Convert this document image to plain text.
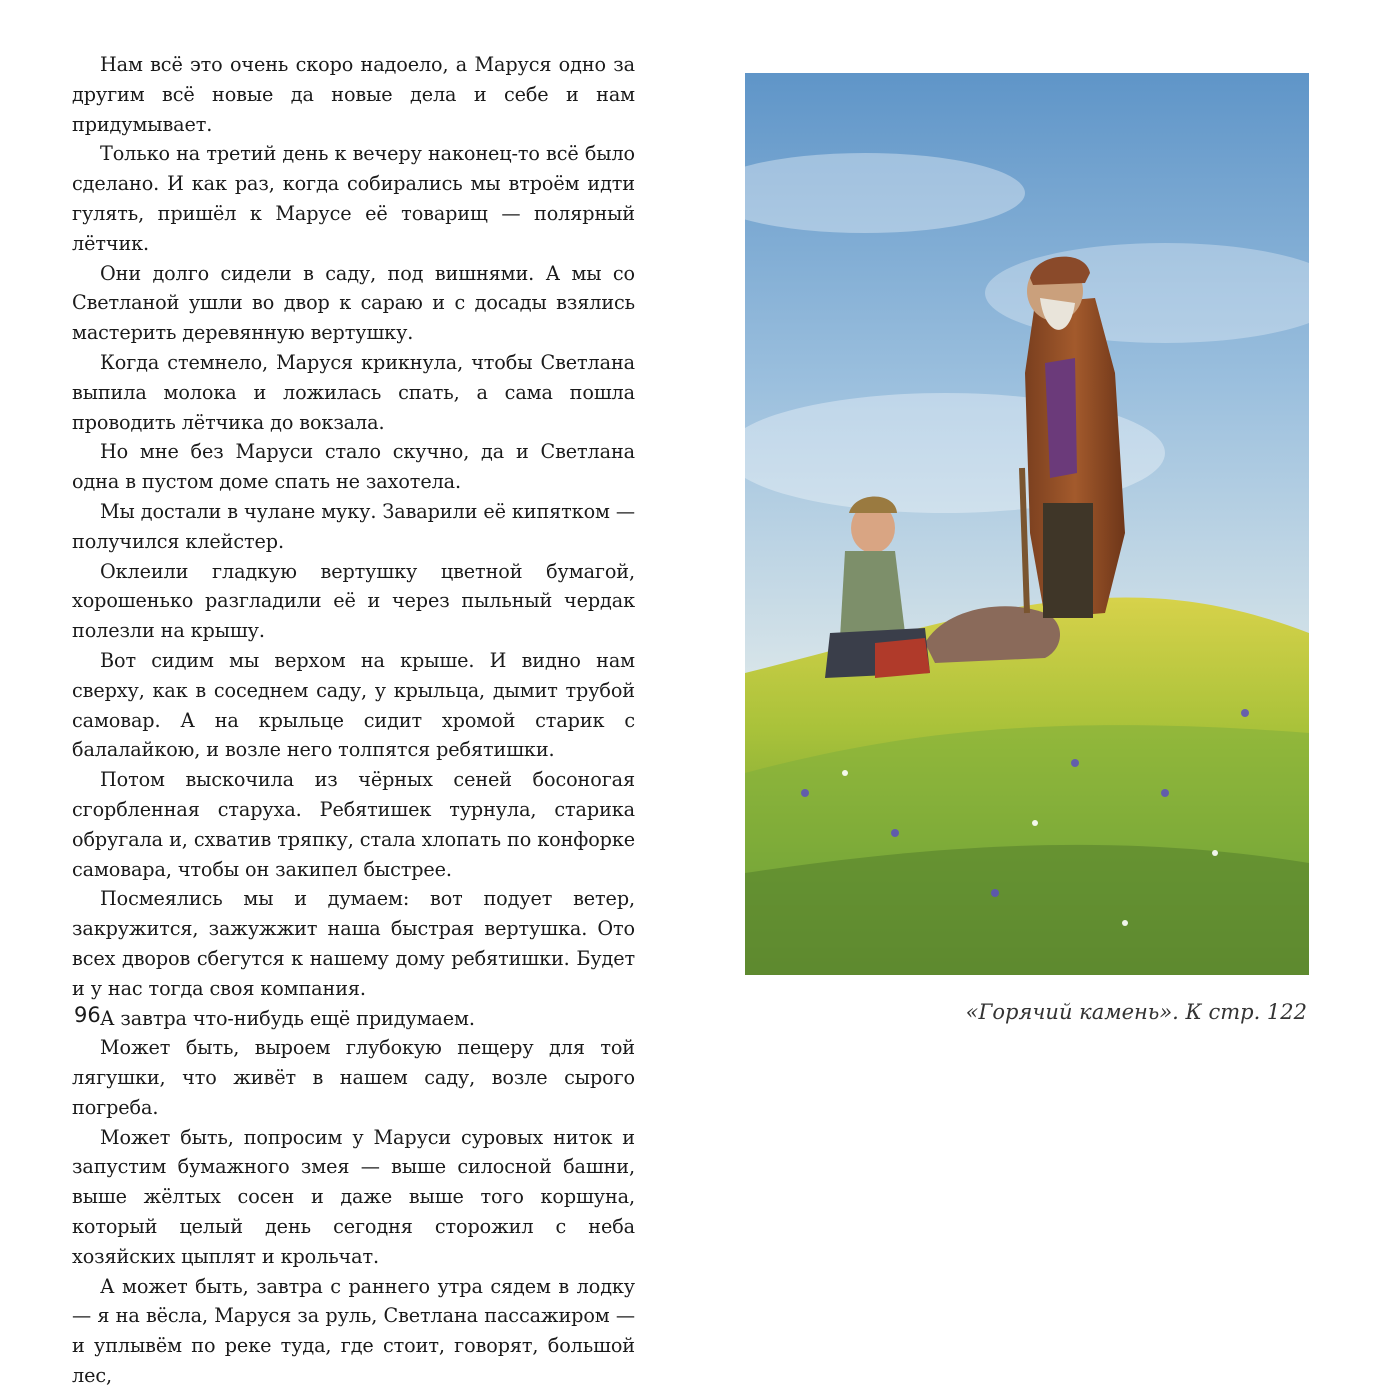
Нам всё это очень скоро надоело, а Маруся одно за другим всё новые да новые дела и себе и нам придумывает.

Только на третий день к вечеру наконец-то всё было сделано. И как раз, когда собирались мы втроём идти гулять, пришёл к Марусе её товарищ — полярный лётчик.

Они долго сидели в саду, под вишнями. А мы со Светланой ушли во двор к сараю и с досады взялись мастерить деревянную вертушку.

Когда стемнело, Маруся крикнула, чтобы Светлана выпила молока и ложилась спать, а сама пошла проводить лётчика до вокзала.

Но мне без Маруси стало скучно, да и Светлана одна в пустом доме спать не захотела.

Мы достали в чулане муку. Заварили её кипятком — получился клейстер.

Оклеили гладкую вертушку цветной бумагой, хорошенько разгладили её и через пыльный чердак полезли на крышу.

Вот сидим мы верхом на крыше. И видно нам сверху, как в соседнем саду, у крыльца, дымит трубой самовар. А на крыльце сидит хромой старик с балалайкою, и возле него толпятся ребятишки.

Потом выскочила из чёрных сеней босоногая сгорбленная старуха. Ребятишек турнула, старика обругала и, схватив тряпку, стала хлопать по конфорке самовара, чтобы он закипел быстрее.

Посмеялись мы и думаем: вот подует ветер, закружится, зажужжит наша быстрая вертушка. Ото всех дворов сбегутся к нашему дому ребятишки. Будет и у нас тогда своя компания.

А завтра что-нибудь ещё придумаем.

Может быть, выроем глубокую пещеру для той лягушки, что живёт в нашем саду, возле сырого погреба.

Может быть, попросим у Маруси суровых ниток и запустим бумажного змея — выше силосной башни, выше жёлтых сосен и даже выше того коршуна, который целый день сегодня сторожил с неба хозяйских цыплят и крольчат.

А может быть, завтра с раннего утра сядем в лодку — я на вёсла, Маруся за руль, Светлана пассажиром — и уплывём по реке туда, где стоит, говорят, большой лес,

96	«Горячий камень». К стр. 122
